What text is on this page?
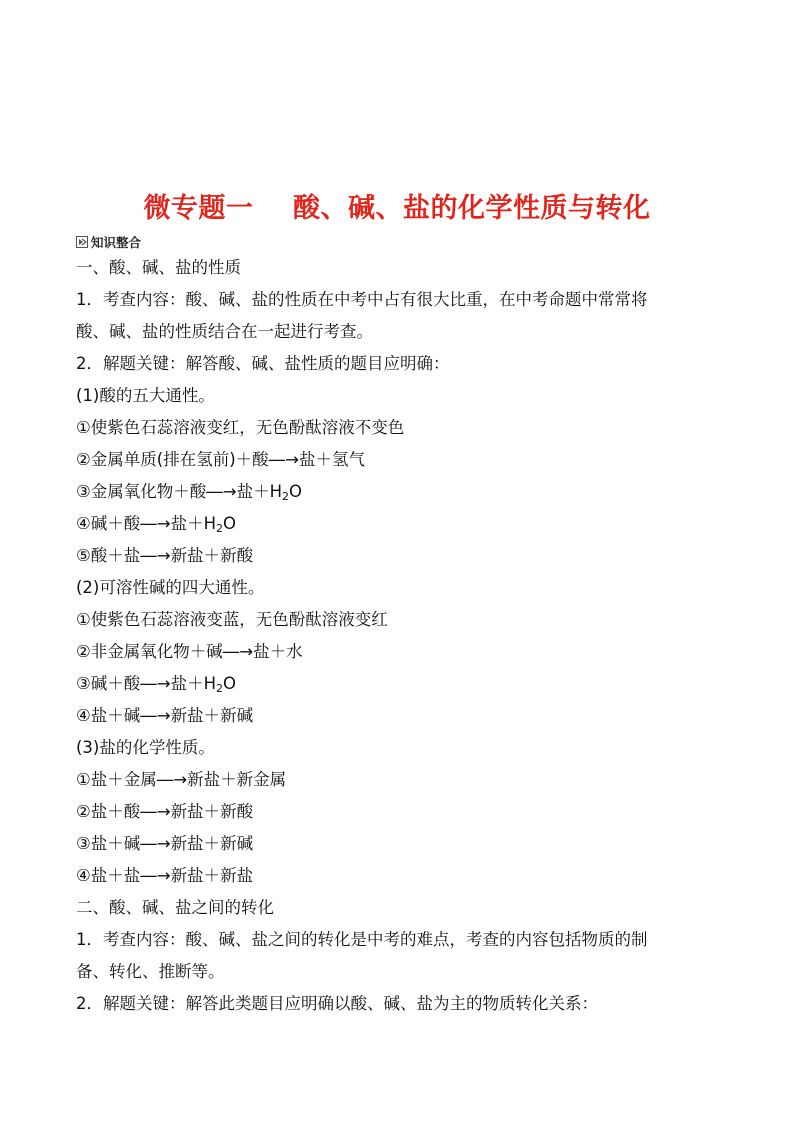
微专题一    酸、碱、盐的化学性质与转化
知识整合
一、酸、碱、盐的性质
1．考查内容：酸、碱、盐的性质在中考中占有很大比重，在中考命题中常常将
酸、碱、盐的性质结合在一起进行考查。
2．解题关键：解答酸、碱、盐性质的题目应明确：
(1)酸的五大通性。
①使紫色石蕊溶液变红，无色酚酞溶液不变色
②金属单质(排在氢前)＋酸―→盐＋氢气
③金属氧化物＋酸―→盐$+H_2O$
④碱＋酸―→盐$+H_2O$
⑤酸＋盐―→新盐＋新酸
(2)可溶性碱的四大通性。
①使紫色石蕊溶液变蓝，无色酚酞溶液变红
②非金属氧化物＋碱―→盐＋水
③碱＋酸―→盐$+H_2O$
④盐＋碱―→新盐＋新碱
(3)盐的化学性质。
①盐＋金属―→新盐＋新金属
②盐＋酸―→新盐＋新酸
③盐＋碱―→新盐＋新碱
④盐＋盐―→新盐＋新盐
二、酸、碱、盐之间的转化
1．考查内容：酸、碱、盐之间的转化是中考的难点，考查的内容包括物质的制
备、转化、推断等。
2．解题关键：解答此类题目应明确以酸、碱、盐为主的物质转化关系：
